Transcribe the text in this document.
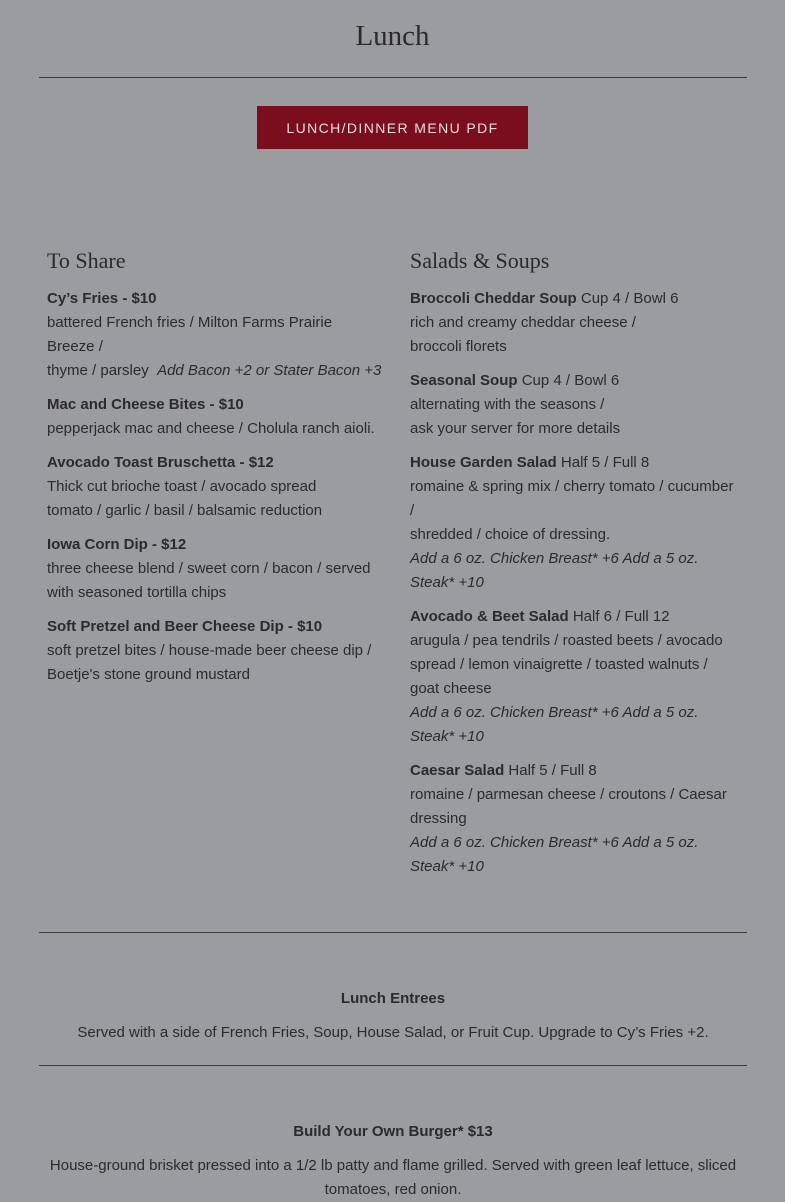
Lunch
LUNCH/DINNER MENU PDF
To Share
Cy’s Fries - $10
battered French fries / Milton Farms Prairie Breeze /
thyme / parsley Add Bacon +2 or Stater Bacon +3
Mac and Cheese Bites - $10
pepperjack mac and cheese / Cholula ranch aioli.
Avocado Toast Bruschetta - $12
Thick cut brioche toast / avocado spread
tomato / garlic / basil / balsamic reduction
Iowa Corn Dip - $12
three cheese blend / sweet corn / bacon / served with seasoned tortilla chips
Soft Pretzel and Beer Cheese Dip - $10
soft pretzel bites / house-made beer cheese dip /
Boetje's stone ground mustard
Salads & Soups
Broccoli Cheddar Soup Cup 4 / Bowl 6
rich and creamy cheddar cheese /
broccoli florets
Seasonal Soup Cup 4 / Bowl 6
alternating with the seasons /
ask your server for more details
House Garden Salad Half 5 / Full 8
romaine & spring mix / cherry tomato / cucumber /
shredded / choice of dressing.
Add a 6 oz. Chicken Breast* +6 Add a 5 oz. Steak* +10
Avocado & Beet Salad Half 6 / Full 12
arugula / pea tendrils / roasted beets / avocado spread / lemon vinaigrette / toasted walnuts / goat cheese
Add a 6 oz. Chicken Breast* +6 Add a 5 oz. Steak* +10
Caesar Salad Half 5 / Full 8
romaine / parmesan cheese / croutons / Caesar dressing
Add a 6 oz. Chicken Breast* +6 Add a 5 oz. Steak* +10
Lunch Entrees
Served with a side of French Fries, Soup, House Salad, or Fruit Cup. Upgrade to Cy’s Fries +2.
Build Your Own Burger* $13
House-ground brisket pressed into a 1/2 lb patty and flame grilled. Served with green leaf lettuce, sliced tomatoes, red onion.
